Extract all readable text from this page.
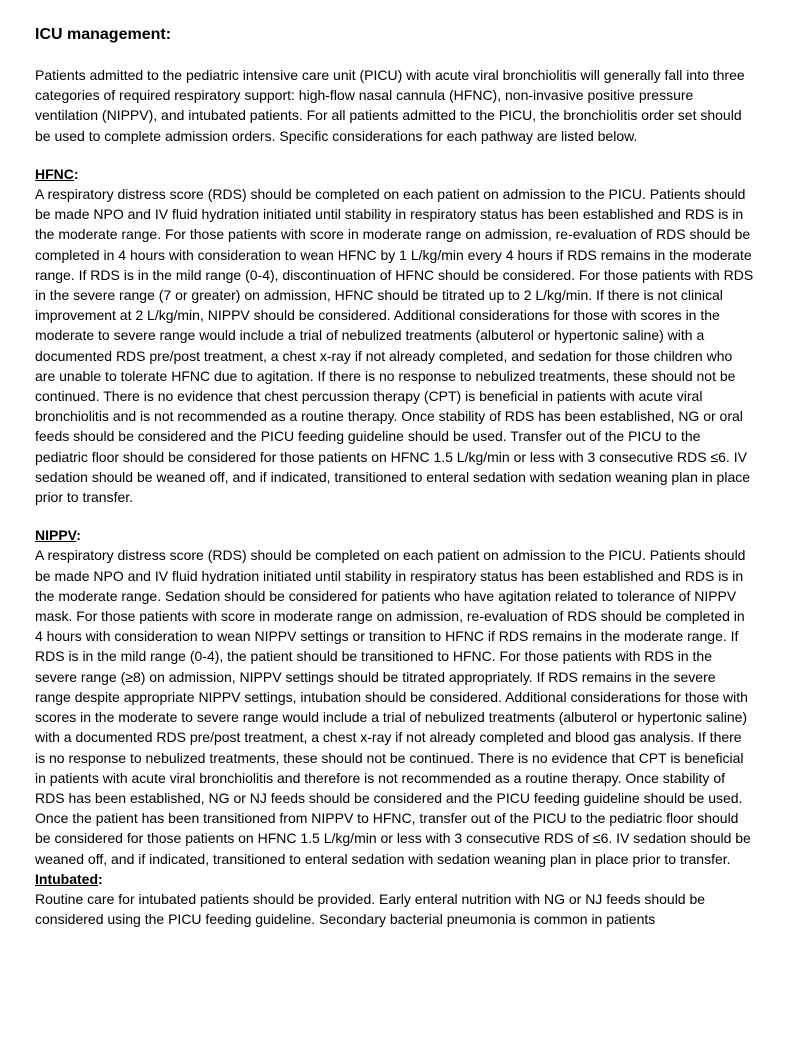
ICU management:

Patients admitted to the pediatric intensive care unit (PICU) with acute viral bronchiolitis will generally fall into three categories of required respiratory support: high-flow nasal cannula (HFNC), non-invasive positive pressure ventilation (NIPPV), and intubated patients. For all patients admitted to the PICU, the bronchiolitis order set should be used to complete admission orders. Specific considerations for each pathway are listed below.

HFNC:

A respiratory distress score (RDS) should be completed on each patient on admission to the PICU. Patients should be made NPO and IV fluid hydration initiated until stability in respiratory status has been established and RDS is in the moderate range. For those patients with score in moderate range on admission, re-evaluation of RDS should be completed in 4 hours with consideration to wean HFNC by 1 L/kg/min every 4 hours if RDS remains in the moderate range. If RDS is in the mild range (0-4), discontinuation of HFNC should be considered. For those patients with RDS in the severe range (7 or greater) on admission, HFNC should be titrated up to 2 L/kg/min. If there is not clinical improvement at 2 L/kg/min, NIPPV should be considered. Additional considerations for those with scores in the moderate to severe range would include a trial of nebulized treatments (albuterol or hypertonic saline) with a documented RDS pre/post treatment, a chest x-ray if not already completed, and sedation for those children who are unable to tolerate HFNC due to agitation. If there is no response to nebulized treatments, these should not be continued. There is no evidence that chest percussion therapy (CPT) is beneficial in patients with acute viral bronchiolitis and is not recommended as a routine therapy. Once stability of RDS has been established, NG or oral feeds should be considered and the PICU feeding guideline should be used. Transfer out of the PICU to the pediatric floor should be considered for those patients on HFNC 1.5 L/kg/min or less with 3 consecutive RDS ≤6. IV sedation should be weaned off, and if indicated, transitioned to enteral sedation with sedation weaning plan in place prior to transfer.

NIPPV:

A respiratory distress score (RDS) should be completed on each patient on admission to the PICU. Patients should be made NPO and IV fluid hydration initiated until stability in respiratory status has been established and RDS is in the moderate range. Sedation should be considered for patients who have agitation related to tolerance of NIPPV mask. For those patients with score in moderate range on admission, re-evaluation of RDS should be completed in 4 hours with consideration to wean NIPPV settings or transition to HFNC if RDS remains in the moderate range. If RDS is in the mild range (0-4), the patient should be transitioned to HFNC. For those patients with RDS in the severe range (≥8) on admission, NIPPV settings should be titrated appropriately. If RDS remains in the severe range despite appropriate NIPPV settings, intubation should be considered. Additional considerations for those with scores in the moderate to severe range would include a trial of nebulized treatments (albuterol or hypertonic saline) with a documented RDS pre/post treatment, a chest x-ray if not already completed and blood gas analysis. If there is no response to nebulized treatments, these should not be continued. There is no evidence that CPT is beneficial in patients with acute viral bronchiolitis and therefore is not recommended as a routine therapy. Once stability of RDS has been established, NG or NJ feeds should be considered and the PICU feeding guideline should be used. Once the patient has been transitioned from NIPPV to HFNC, transfer out of the PICU to the pediatric floor should be considered for those patients on HFNC 1.5 L/kg/min or less with 3 consecutive RDS of ≤6. IV sedation should be weaned off, and if indicated, transitioned to enteral sedation with sedation weaning plan in place prior to transfer.

Intubated:

Routine care for intubated patients should be provided. Early enteral nutrition with NG or NJ feeds should be considered using the PICU feeding guideline. Secondary bacterial pneumonia is common in patients
